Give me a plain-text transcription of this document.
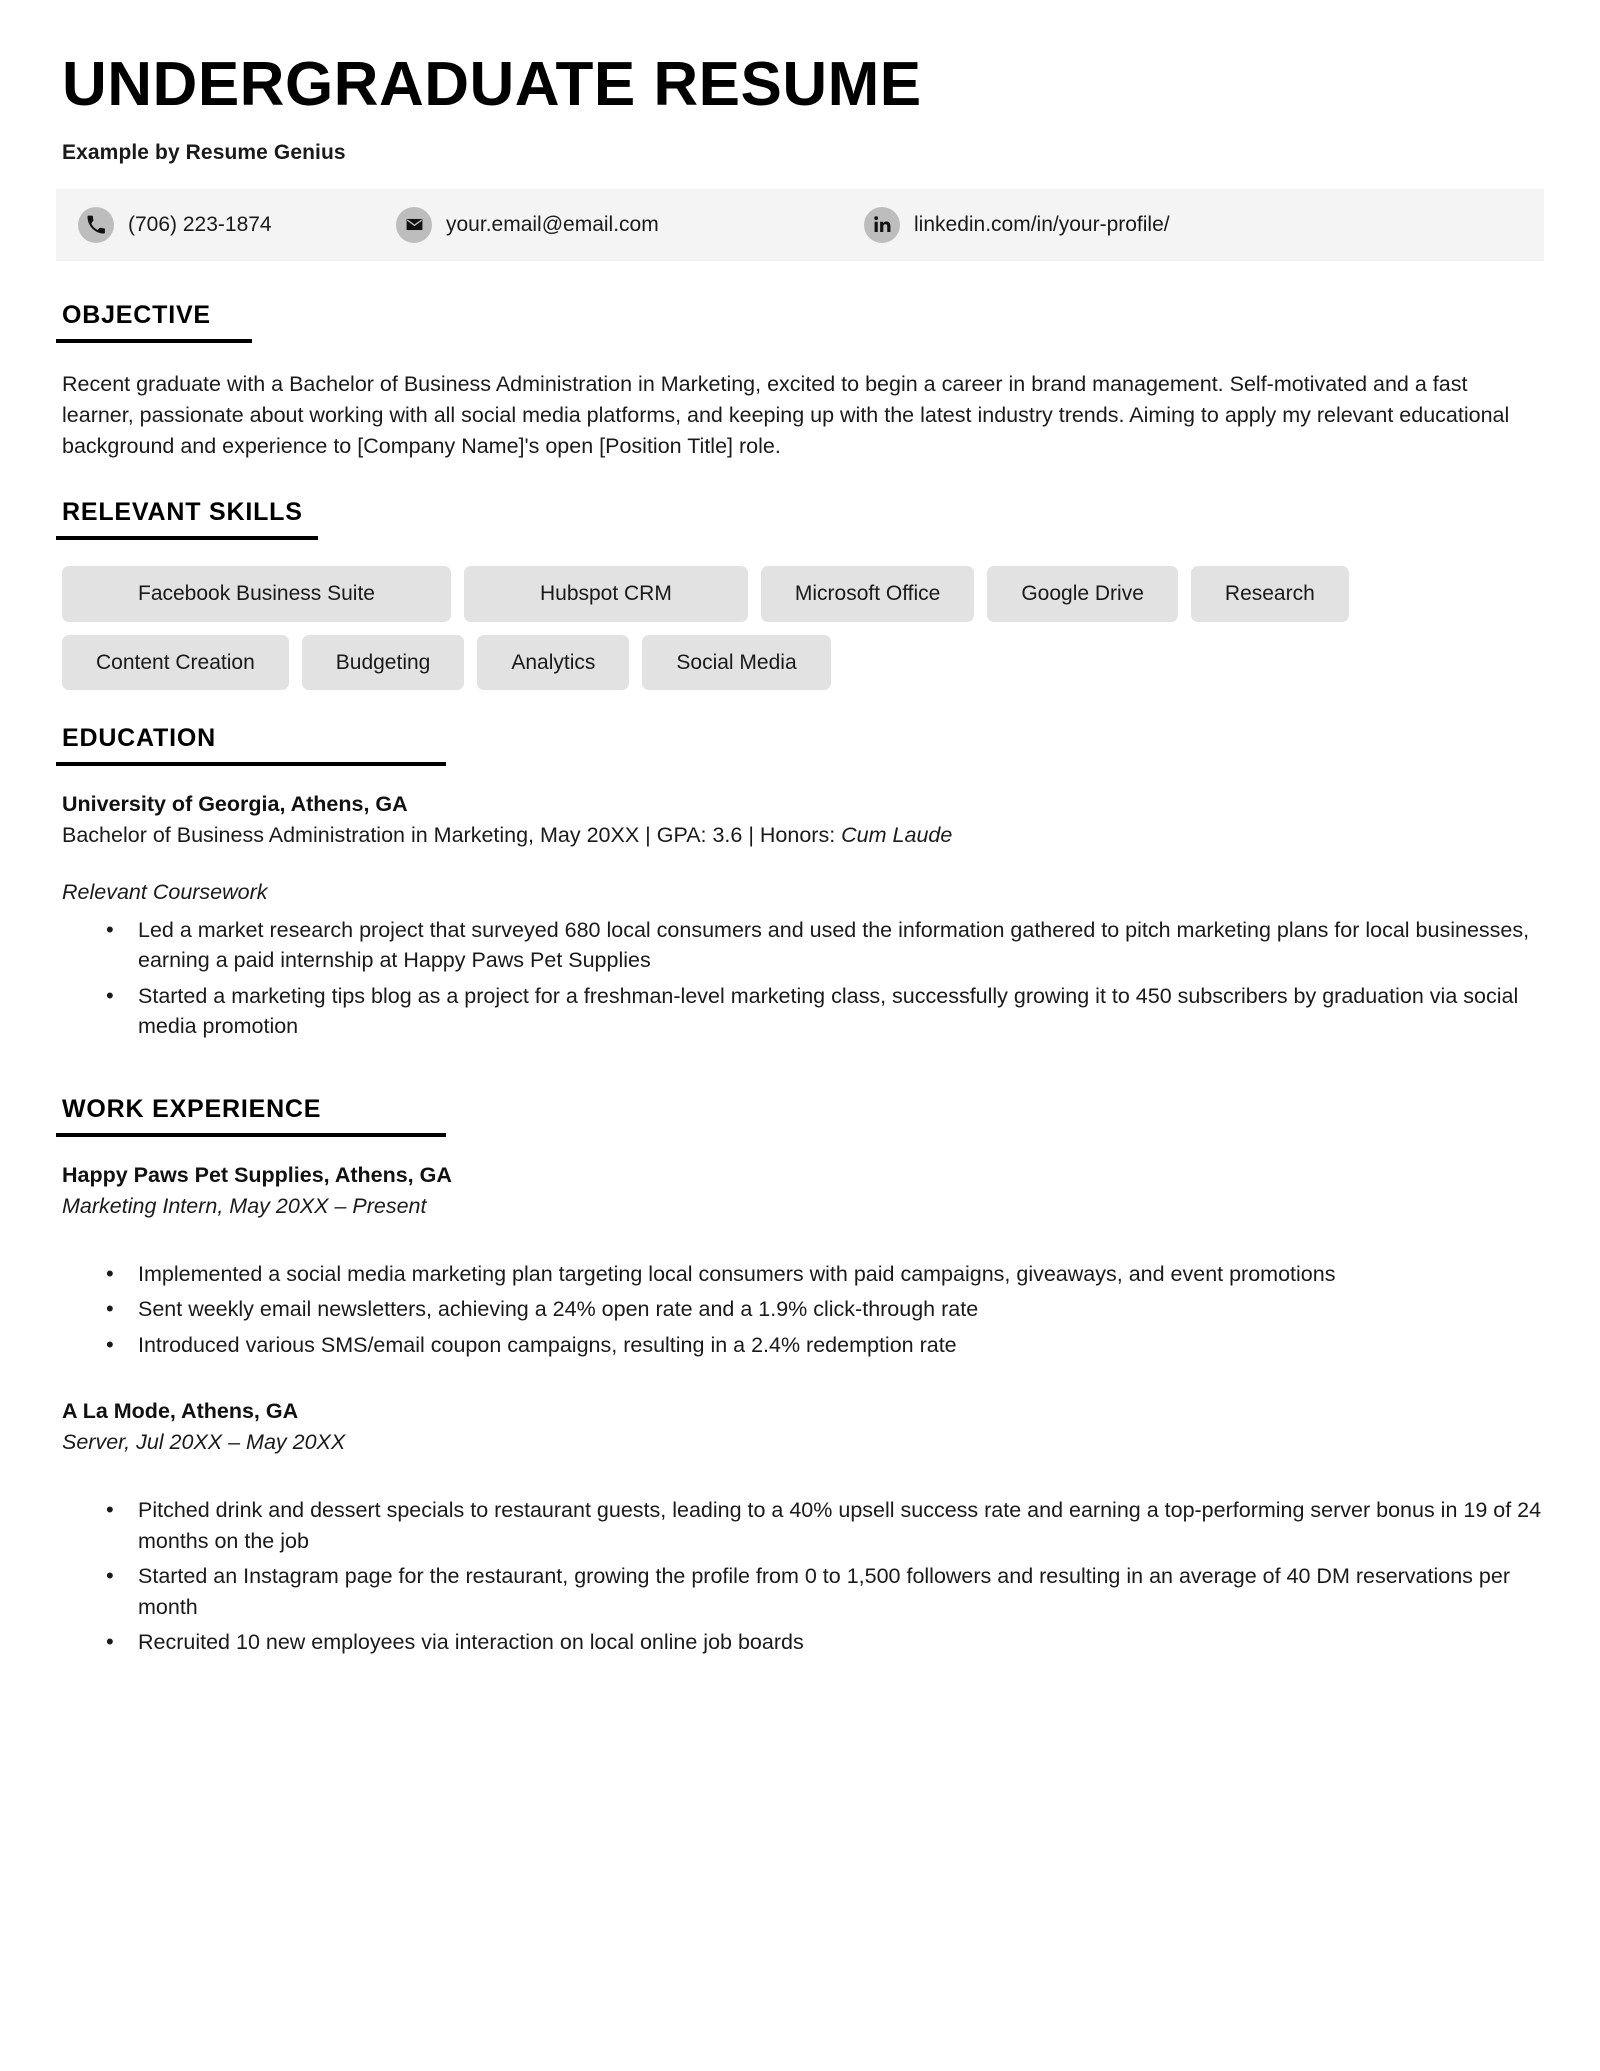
UNDERGRADUATE RESUME
Example by Resume Genius
(706) 223-1874	your.email@email.com	linkedin.com/in/your-profile/
OBJECTIVE

Recent graduate with a Bachelor of Business Administration in Marketing, excited to begin a career in brand management. Self-motivated and a fast learner, passionate about working with all social media platforms, and keeping up with the latest industry trends. Aiming to apply my relevant educational background and experience to [Company Name]'s open [Position Title] role.

RELEVANT SKILLS
Facebook Business Suite	Hubspot CRM	Microsoft Office	Google Drive	Research
Content Creation	Budgeting	Analytics	Social Media
EDUCATION
University of Georgia, Athens, GA
Bachelor of Business Administration in Marketing, May 20XX | GPA: 3.6 | Honors: Cum Laude
Relevant Coursework
• Led a market research project that surveyed 680 local consumers and used the information gathered to pitch marketing plans for local businesses, earning a paid internship at Happy Paws Pet Supplies
• Started a marketing tips blog as a project for a freshman-level marketing class, successfully growing it to 450 subscribers by graduation via social media promotion
WORK EXPERIENCE
Happy Paws Pet Supplies, Athens, GA
Marketing Intern, May 20XX – Present
• Implemented a social media marketing plan targeting local consumers with paid campaigns, giveaways, and event promotions
• Sent weekly email newsletters, achieving a 24% open rate and a 1.9% click-through rate
• Introduced various SMS/email coupon campaigns, resulting in a 2.4% redemption rate
A La Mode, Athens, GA
Server, Jul 20XX – May 20XX
• Pitched drink and dessert specials to restaurant guests, leading to a 40% upsell success rate and earning a top-performing server bonus in 19 of 24 months on the job
• Started an Instagram page for the restaurant, growing the profile from 0 to 1,500 followers and resulting in an average of 40 DM reservations per month
• Recruited 10 new employees via interaction on local online job boards
